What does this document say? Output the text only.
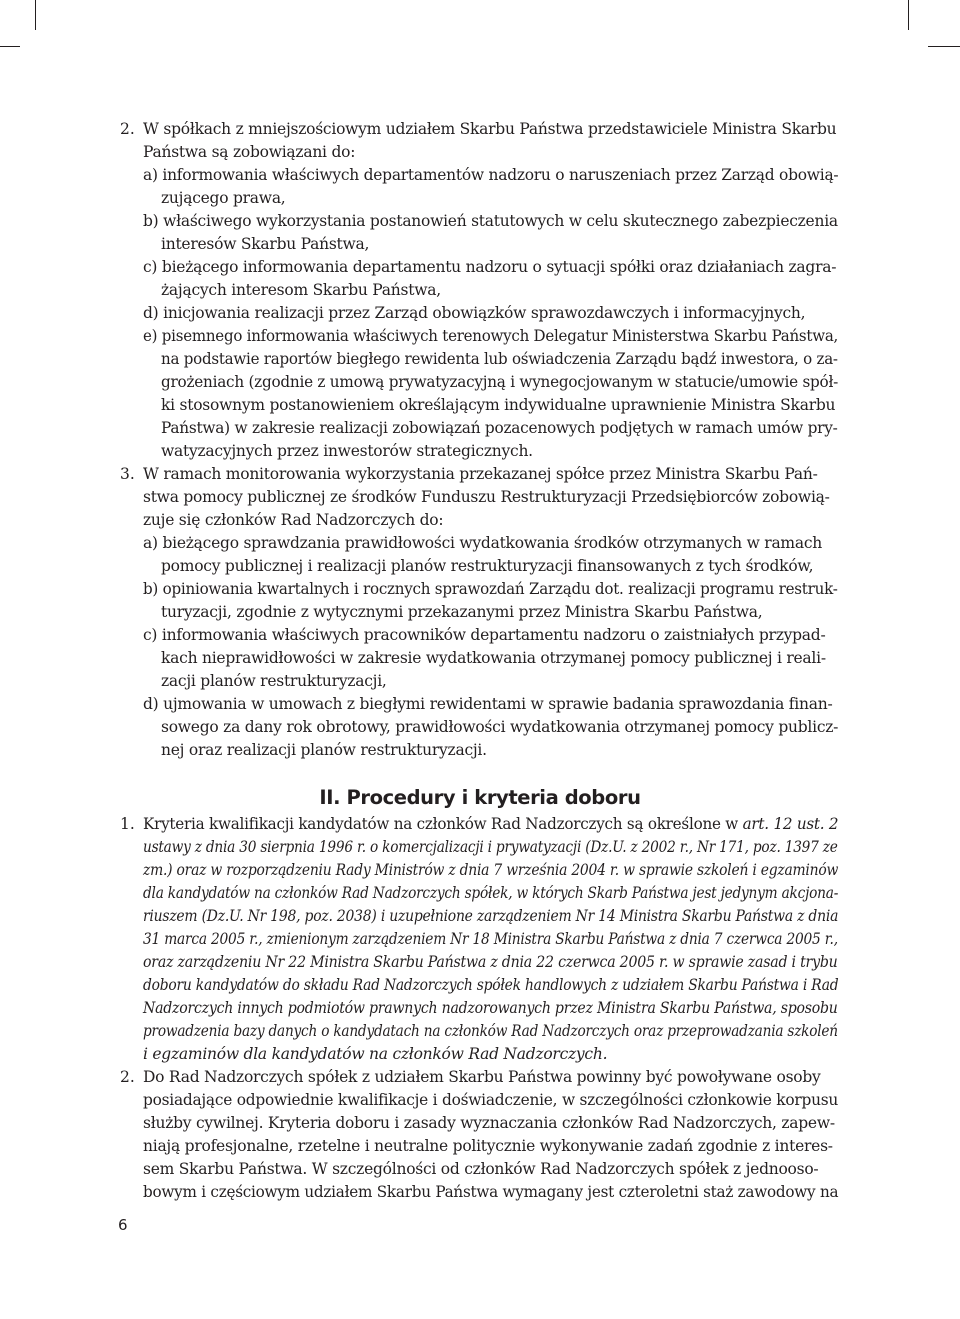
2. W spółkach z mniejszościowym udziałem Skarbu Państwa przedstawiciele Ministra Skarbu
Państwa są zobowiązani do:
a) informowania właściwych departamentów nadzoru o naruszeniach przez Zarząd obowią-
zującego prawa,
b) właściwego wykorzystania postanowień statutowych w celu skutecznego zabezpieczenia
interesów Skarbu Państwa,
c) bieżącego informowania departamentu nadzoru o sytuacji spółki oraz działaniach zagra-
żających interesom Skarbu Państwa,
d) inicjowania realizacji przez Zarząd obowiązków sprawozdawczych i informacyjnych,
e) pisemnego informowania właściwych terenowych Delegatur Ministerstwa Skarbu Państwa,
na podstawie raportów biegłego rewidenta lub oświadczenia Zarządu bądź inwestora, o za-
grożeniach (zgodnie z umową prywatyzacyjną i wynegocjowanym w statucie/umowie spół-
ki stosownym postanowieniem określającym indywidualne uprawnienie Ministra Skarbu
Państwa) w zakresie realizacji zobowiązań pozacenowych podjętych w ramach umów pry-
watyzacyjnych przez inwestorów strategicznych.
3. W ramach monitorowania wykorzystania przekazanej spółce przez Ministra Skarbu Pań-
stwa pomocy publicznej ze środków Funduszu Restrukturyzacji Przedsiębiorców zobowią-
zuje się członków Rad Nadzorczych do:
a) bieżącego sprawdzania prawidłowości wydatkowania środków otrzymanych w ramach
pomocy publicznej i realizacji planów restrukturyzacji finansowanych z tych środków,
b) opiniowania kwartalnych i rocznych sprawozdań Zarządu dot. realizacji programu restruk-
turyzacji, zgodnie z wytycznymi przekazanymi przez Ministra Skarbu Państwa,
c) informowania właściwych pracowników departamentu nadzoru o zaistniałych przypad-
kach nieprawidłowości w zakresie wydatkowania otrzymanej pomocy publicznej i reali-
zacji planów restrukturyzacji,
d) ujmowania w umowach z biegłymi rewidentami w sprawie badania sprawozdania finan-
sowego za dany rok obrotowy, prawidłowości wydatkowania otrzymanej pomocy publicz-
nej oraz realizacji planów restrukturyzacji.
II. Procedury i kryteria doboru
1. Kryteria kwalifikacji kandydatów na członków Rad Nadzorczych są określone w art. 12 ust. 2
ustawy z dnia 30 sierpnia 1996 r. o komercjalizacji i prywatyzacji (Dz.U. z 2002 r., Nr 171, poz. 1397 ze
zm.) oraz w rozporządzeniu Rady Ministrów z dnia 7 września 2004 r. w sprawie szkoleń i egzaminów
dla kandydatów na członków Rad Nadzorczych spółek, w których Skarb Państwa jest jedynym akcjona-
riuszem (Dz.U. Nr 198, poz. 2038) i uzupełnione zarządzeniem Nr 14 Ministra Skarbu Państwa z dnia
31 marca 2005 r., zmienionym zarządzeniem Nr 18 Ministra Skarbu Państwa z dnia 7 czerwca 2005 r.,
oraz zarządzeniu Nr 22 Ministra Skarbu Państwa z dnia 22 czerwca 2005 r. w sprawie zasad i trybu
doboru kandydatów do składu Rad Nadzorczych spółek handlowych z udziałem Skarbu Państwa i Rad
Nadzorczych innych podmiotów prawnych nadzorowanych przez Ministra Skarbu Państwa, sposobu
prowadzenia bazy danych o kandydatach na członków Rad Nadzorczych oraz przeprowadzania szkoleń
i egzaminów dla kandydatów na członków Rad Nadzorczych.
2. Do Rad Nadzorczych spółek z udziałem Skarbu Państwa powinny być powoływane osoby
posiadające odpowiednie kwalifikacje i doświadczenie, w szczególności członkowie korpusu
służby cywilnej. Kryteria doboru i zasady wyznaczania członków Rad Nadzorczych, zapew-
niają profesjonalne, rzetelne i neutralne politycznie wykonywanie zadań zgodnie z interes-
sem Skarbu Państwa. W szczególności od członków Rad Nadzorczych spółek z jednooso-
bowym i częściowym udziałem Skarbu Państwa wymagany jest czteroletni staż zawodowy na
6
